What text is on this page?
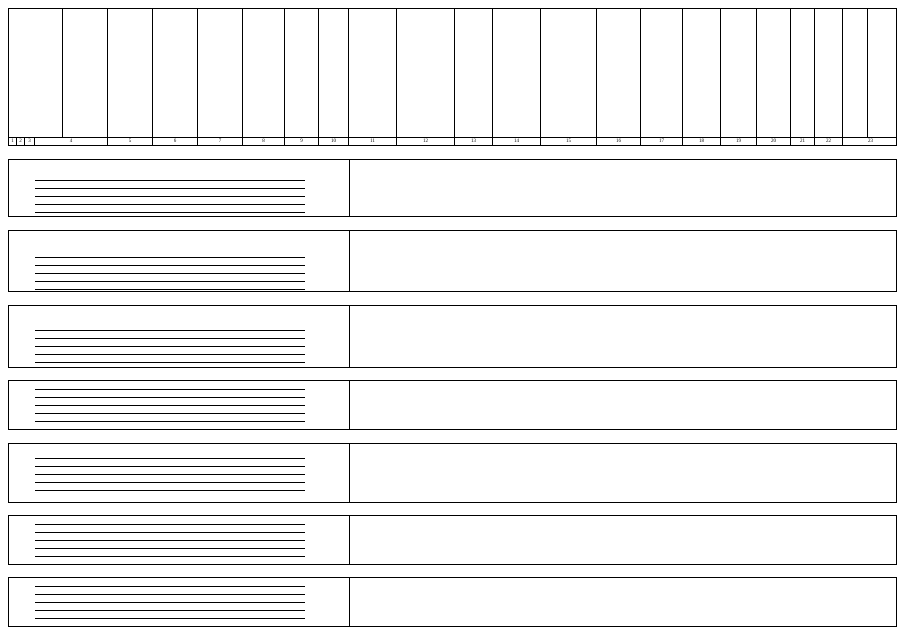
1	2	3	4	5	6	7	8	9	10	11	12	13	14	15	16	17	18	19	20	21	22	23
